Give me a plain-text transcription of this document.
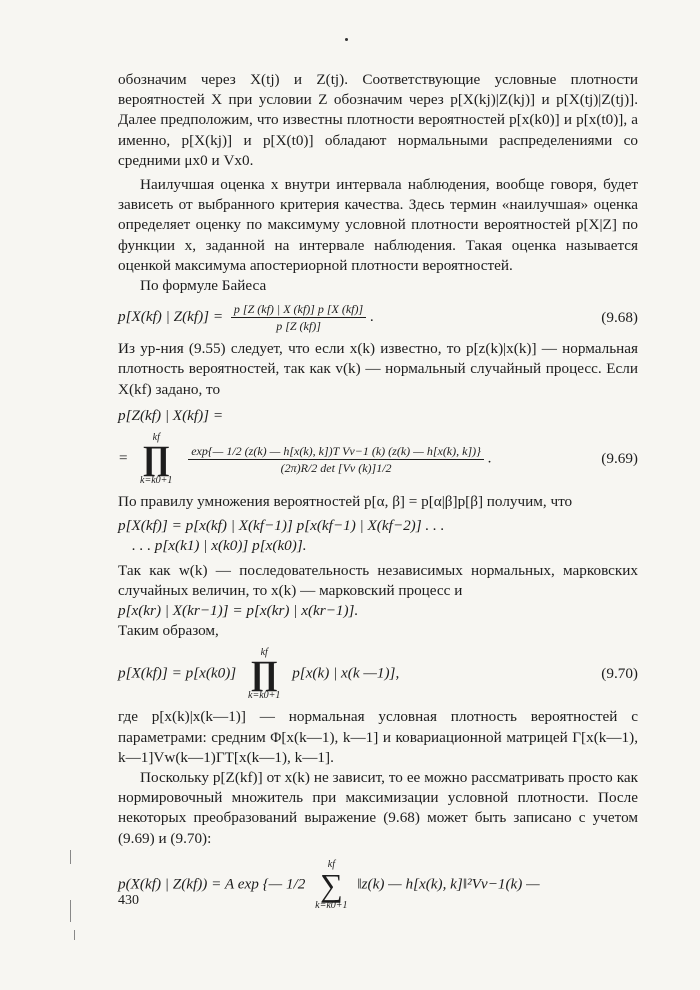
обозначим через X(tj) и Z(tj). Соответствующие условные плотности вероятностей X при условии Z обозначим через p[X(kj)|Z(kj)] и p[X(tj)|Z(tj)]. Далее предположим, что известны плотности вероятностей p[x(k0)] и p[x(t0)], а именно, p[X(kj)] и p[X(t0)] обладают нормальными распределениями со средними μx0 и Vx0.

Наилучшая оценка x внутри интервала наблюдения, вообще говоря, будет зависеть от выбранного критерия качества. Здесь термин «наилучшая» оценка определяет оценку по максимуму условной плотности вероятностей p[X|Z] по функции x, заданной на интервале наблюдения. Такая оценка называется оценкой максимума апостериорной плотности вероятностей.

По формуле Байеса

p[X(kf) | $Z(kf)] = \frac{p [Z (kf) | X (kf)] p [X (kf)]}{p [Z (kf)]}$ .	(9.68)

Из ур-ния (9.55) следует, что если x(k) известно, то p[z(k)|x(k)] — нормальная плотность вероятностей, так как v(k) — нормальный случайный процесс. Если X(kf) задано, то

p[Z(kf) | X(kf)] =
=
kf
∏
k=k0+1

$\frac{\text{exp\{— 1/2 (z(k) — h[x(k), k])T Vv−1 (k) (z(k) — h[x(k), k])\}}}{(2\pi)R/2 \det [Vv (k)]1/2}$ .	(9.69)

По правилу умножения вероятностей p[α, β] = p[α|β]p[β] получим, что

p[X(kf)] = p[x(kf) | X(kf−1)] p[x(kf−1) | X(kf−2)] . . .
. . . p[x(k1) | x(k0)] p[x(k0)].

Так как w(k) — последовательность независимых нормальных, марковских случайных величин, то x(k) — марковский процесс и

p[x(kr) | X(kr−1)] = p[x(kr) | x(kr−1)].

Таким образом,

p[X(kf)] = p[x(k0)]
kf
∏
k=k0+1
p[x(k) | x(k —1)],	(9.70)

где p[x(k)|x(k—1)] — нормальная условная плотность вероятностей с параметрами: средним Φ[x(k—1), k—1] и ковариационной матрицей Γ[x(k—1), k—1]Vw(k—1)ΓT[x(k—1), k—1].

Поскольку p[Z(kf)] от x(k) не зависит, то ее можно рассматривать просто как нормировочный множитель при максимизации условной плотности. После некоторых преобразований выражение (9.68) может быть записано с учетом (9.69) и (9.70):

p(X(kf) | Z(kf)) = A exp {— 1/2
kf
∑
k=k0+1
‖z(k) — h[x(k), k]‖²Vv−1(k) —
430
